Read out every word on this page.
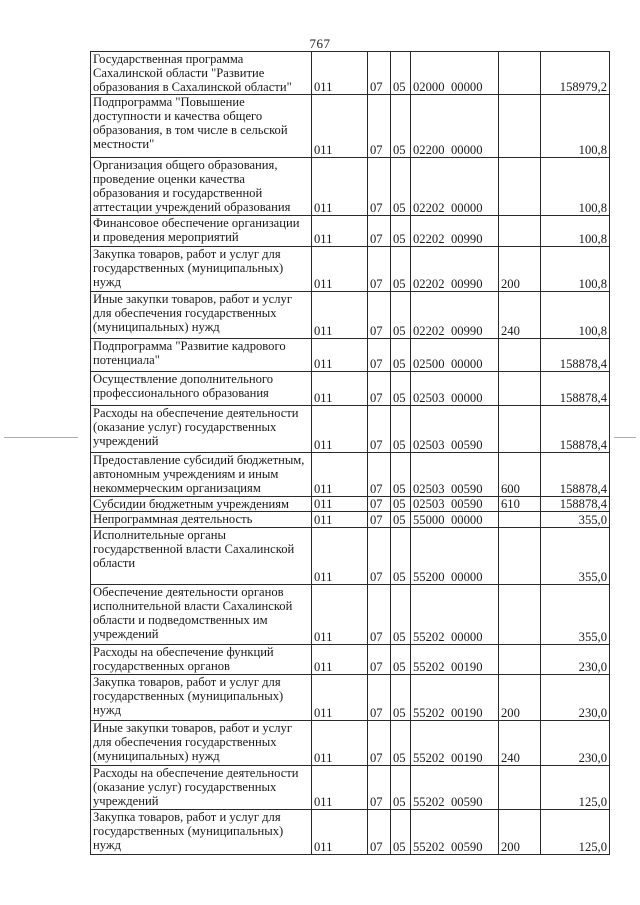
767
Государственная программа Сахалинской области "Развитие образования в Сахалинской области"	011	07	05	02000 00000		158979,2
Подпрограмма "Повышение доступности и качества общего образования, в том числе в сельской местности"	011	07	05	02200 00000		100,8
Организация общего образования, проведение оценки качества образования и государственной аттестации учреждений образования	011	07	05	02202 00000		100,8
Финансовое обеспечение организации и проведения мероприятий	011	07	05	02202 00990		100,8
Закупка товаров, работ и услуг для государственных (муниципальных) нужд	011	07	05	02202 00990	200	100,8
Иные закупки товаров, работ и услуг для обеспечения государственных (муниципальных) нужд	011	07	05	02202 00990	240	100,8
Подпрограмма "Развитие кадрового потенциала"	011	07	05	02500 00000		158878,4
Осуществление дополнительного профессионального образования	011	07	05	02503 00000		158878,4
Расходы на обеспечение деятельности (оказание услуг) государственных учреждений	011	07	05	02503 00590		158878,4
Предоставление субсидий бюджетным, автономным учреждениям и иным некоммерческим организациям	011	07	05	02503 00590	600	158878,4
Субсидии бюджетным учреждениям	011	07	05	02503 00590	610	158878,4
Непрограммная деятельность	011	07	05	55000 00000		355,0
Исполнительные органы государственной власти Сахалинской области	011	07	05	55200 00000		355,0
Обеспечение деятельности органов исполнительной власти Сахалинской области и подведомственных им учреждений	011	07	05	55202 00000		355,0
Расходы на обеспечение функций государственных органов	011	07	05	55202 00190		230,0
Закупка товаров, работ и услуг для государственных (муниципальных) нужд	011	07	05	55202 00190	200	230,0
Иные закупки товаров, работ и услуг для обеспечения государственных (муниципальных) нужд	011	07	05	55202 00190	240	230,0
Расходы на обеспечение деятельности (оказание услуг) государственных учреждений	011	07	05	55202 00590		125,0
Закупка товаров, работ и услуг для государственных (муниципальных) нужд	011	07	05	55202 00590	200	125,0
